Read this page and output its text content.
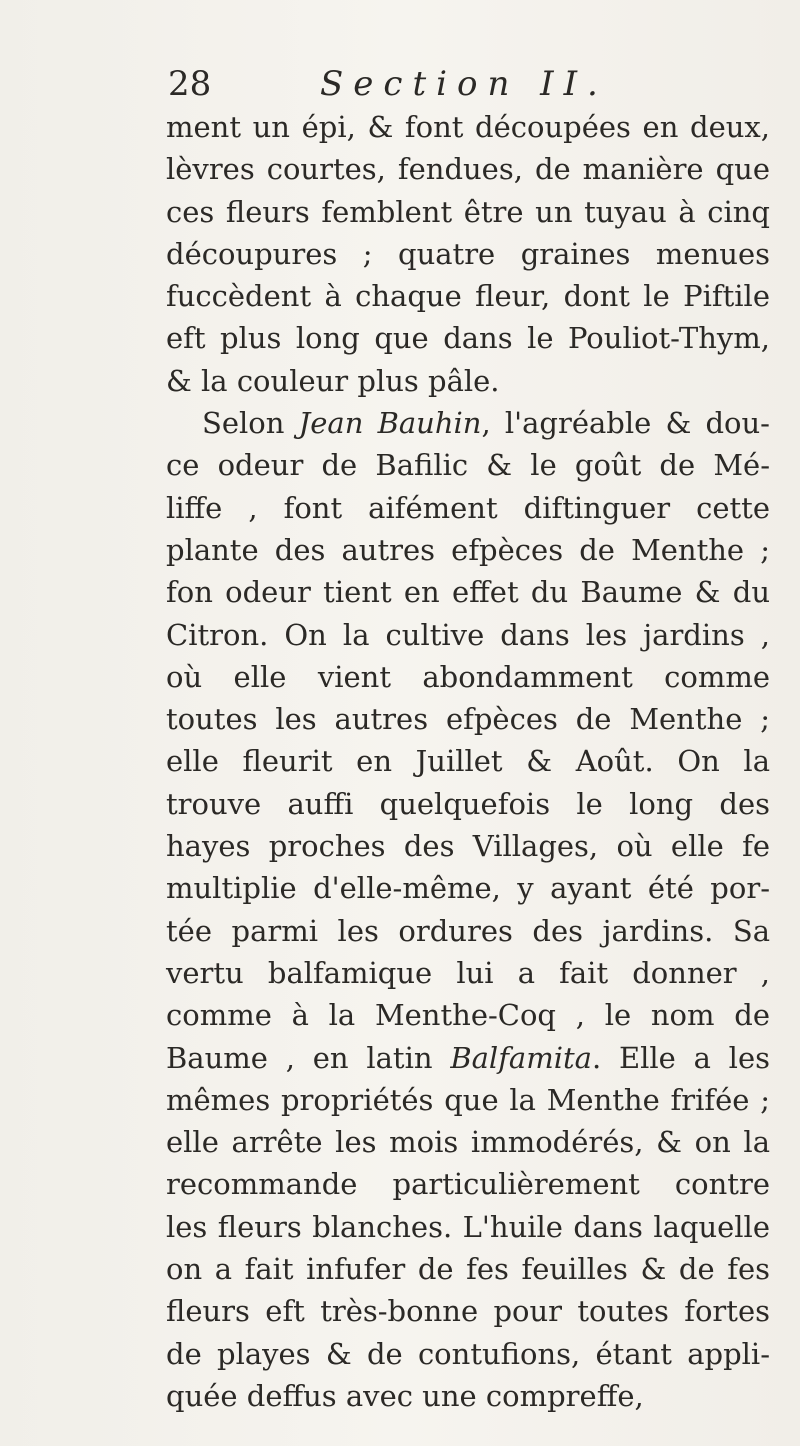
28	Section II.
ment un épi, & font découpées en deux,
lèvres courtes, fendues, de manière que
ces fleurs femblent être un tuyau à cinq
découpures ; quatre graines menues
fuccèdent à chaque fleur, dont le Piftile
eft plus long que dans le Pouliot-Thym,
& la couleur plus pâle.
Selon Jean Bauhin, l'agréable & dou-
ce odeur de Bafilic & le goût de Mé-
liffe , font aifément diftinguer cette
plante des autres efpèces de Menthe ;
fon odeur tient en effet du Baume & du
Citron. On la cultive dans les jardins ,
où elle vient abondamment comme
toutes les autres efpèces de Menthe ;
elle fleurit en Juillet & Août. On la
trouve auffi quelquefois le long des
hayes proches des Villages, où elle fe
multiplie d'elle-même, y ayant été por-
tée parmi les ordures des jardins. Sa
vertu balfamique lui a fait donner ,
comme à la Menthe-Coq , le nom de
Baume , en latin Balfamita. Elle a les
mêmes propriétés que la Menthe frifée ;
elle arrête les mois immodérés, & on la
recommande particulièrement contre
les fleurs blanches. L'huile dans laquelle
on a fait infufer de fes feuilles & de fes
fleurs eft très-bonne pour toutes fortes
de playes & de contufions, étant appli-
quée deffus avec une compreffe,
